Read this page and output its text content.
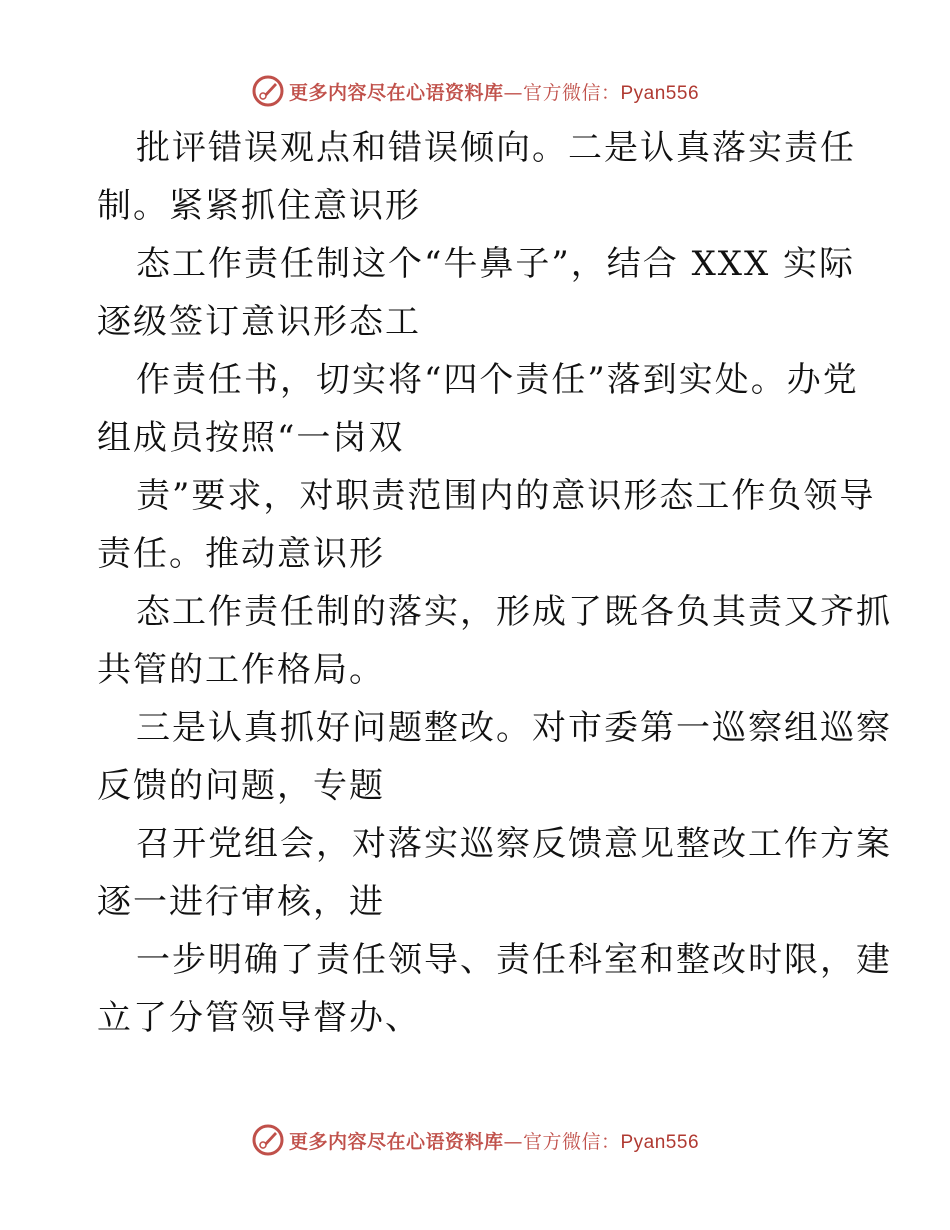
更多内容尽在心语资料库—官方微信：Pyan556
批评错误观点和错误倾向。二是认真落实责任
制。紧紧抓住意识形
态工作责任制这个“牛鼻子”，结合 XXX 实际
逐级签订意识形态工
作责任书，切实将“四个责任”落到实处。办党
组成员按照“一岗双
责”要求，对职责范围内的意识形态工作负领导
责任。推动意识形
态工作责任制的落实，形成了既各负其责又齐抓
共管的工作格局。
三是认真抓好问题整改。对市委第一巡察组巡察
反馈的问题，专题
召开党组会，对落实巡察反馈意见整改工作方案
逐一进行审核，进
一步明确了责任领导、责任科室和整改时限，建
立了分管领导督办、
更多内容尽在心语资料库—官方微信：Pyan556
